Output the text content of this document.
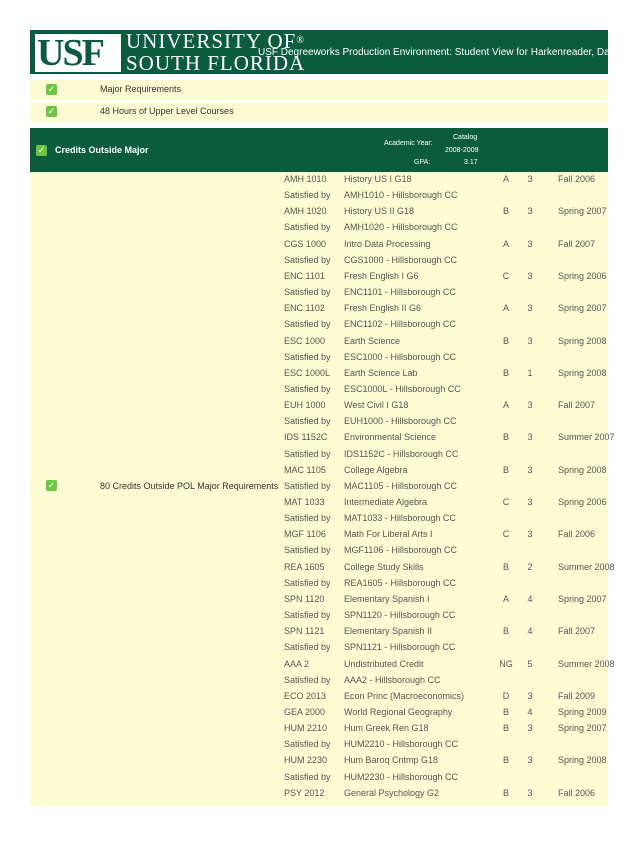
USF UNIVERSITY OF®
SOUTH FLORIDA
USF Degreeworks Production Environment: Student View for Harkenreader, Danielle
✓	Major Requirements
✓	48 Hours of Upper Level Courses
✓ Credits Outside Major
Academic Year:
Catalog
2008-2009
GPA:	3.17
✓	80 Credits Outside POL Major Requirements
AMH 1010 History US I G18	A	3	Fall 2006
Satisfied by AMH1010 - Hillsborough CC
AMH 1020 History US II G18	B	3	Spring 2007
Satisfied by AMH1020 - Hillsborough CC
CGS 1000 Intro Data Processing	A	3	Fall 2007
Satisfied by CGS1000 - Hillsborough CC
ENC 1101 Fresh English I G6	C	3	Spring 2006
Satisfied by ENC1101 - Hillsborough CC
ENC 1102 Fresh English II G6	A	3	Spring 2007
Satisfied by ENC1102 - Hillsborough CC
ESC 1000 Earth Science	B	3	Spring 2008
Satisfied by ESC1000 - Hillsborough CC
ESC 1000L Earth Science Lab	B	1	Spring 2008
Satisfied by ESC1000L - Hillsborough CC
EUH 1000 West Civil I G18	A	3	Fall 2007
Satisfied by EUH1000 - Hillsborough CC
IDS 1152C Environmental Science	B	3	Summer 2007
Satisfied by IDS1152C - Hillsborough CC
MAC 1105 College Algebra	B	3	Spring 2008
Satisfied by MAC1105 - Hillsborough CC
MAT 1033 Intermediate Algebra	C	3	Spring 2006
Satisfied by MAT1033 - Hillsborough CC
MGF 1106 Math For Liberal Arts I	C	3	Fall 2006
Satisfied by MGF1106 - Hillsborough CC
REA 1605 College Study Skills	B	2	Summer 2008
Satisfied by REA1605 - Hillsborough CC
SPN 1120 Elementary Spanish I	A	4	Spring 2007
Satisfied by SPN1120 - Hillsborough CC
SPN 1121 Elementary Spanish II	B	4	Fall 2007
Satisfied by SPN1121 - Hillsborough CC
AAA 2	Undistributed Credit	NG	5	Summer 2008
Satisfied by AAA2 - Hillsborough CC
ECO 2013 Econ Princ (Macroeconomics)	D	3	Fall 2009
GEA 2000 World Regional Geography	B	4	Spring 2009
HUM 2210 Hum Greek Ren G18	B	3	Spring 2007
Satisfied by HUM2210 - Hillsborough CC
HUM 2230 Hum Baroq Cntmp G18	B	3	Spring 2008
Satisfied by HUM2230 - Hillsborough CC
PSY 2012 General Psychology G2	B	3	Fall 2006
